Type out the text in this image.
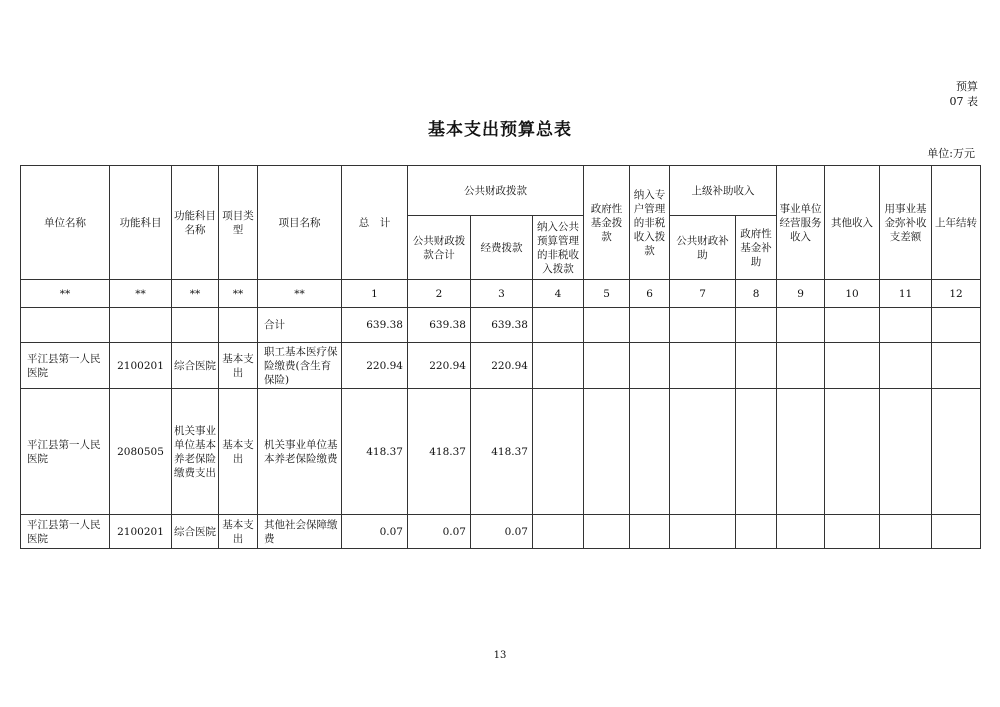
预算
07 表
基本支出预算总表
单位:万元
单位名称	功能科目	功能科目名称	项目类型	项目名称	总　计	公共财政拨款			政府性基金拨款	纳入专户管理的非税收入拨款	上级补助收入		事业单位经营服务收入	其他收入	用事业基金弥补收支差额	上年结转
						公共财政拨款合计	经费拨款	纳入公共预算管理的非税收入拨款			公共财政补助	政府性基金补助				
**	**	**	**	**	1	2	3	4	5	6	7	8	9	10	11	12
				合计	639.38	639.38	639.38									
平江县第一人民医院	2100201	综合医院	基本支出	职工基本医疗保险缴费(含生育保险)	220.94	220.94	220.94									
平江县第一人民医院	2080505	机关事业单位基本养老保险缴费支出	基本支出	机关事业单位基本养老保险缴费	418.37	418.37	418.37									
平江县第一人民医院	2100201	综合医院	基本支出	其他社会保障缴费	0.07	0.07	0.07									
13
